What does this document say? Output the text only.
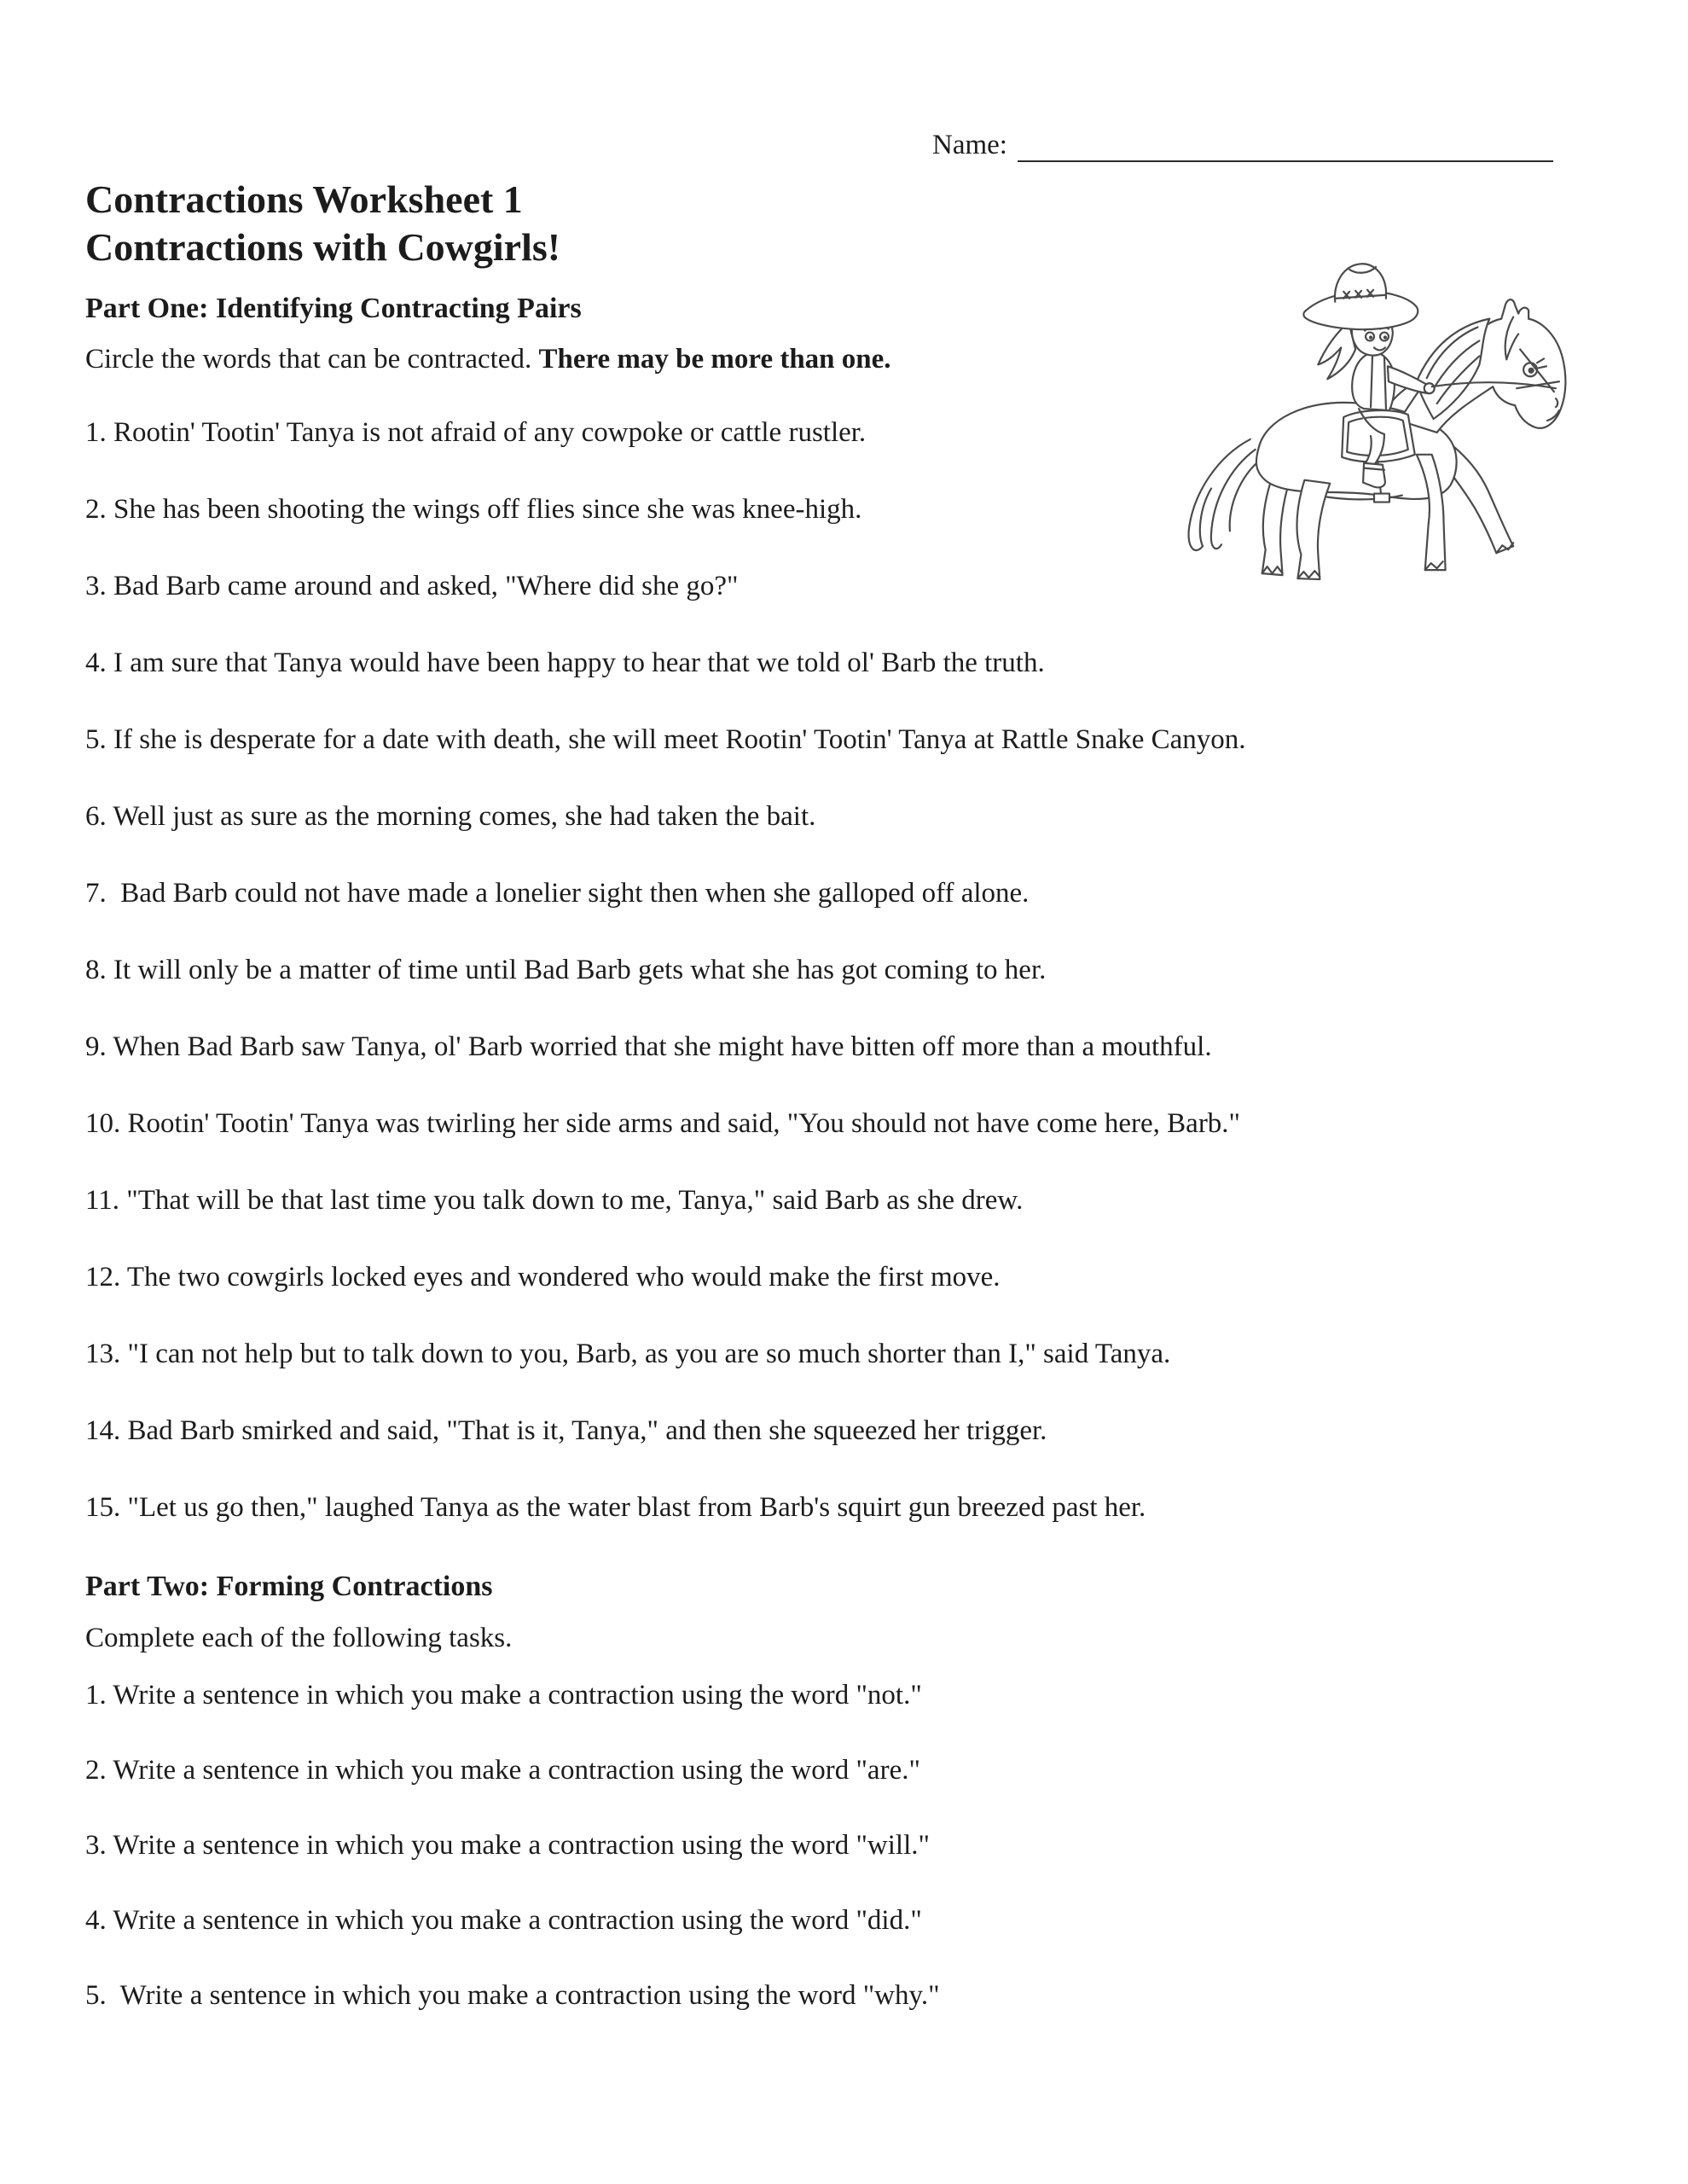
Name:
Contractions Worksheet 1
Contractions with Cowgirls!
Part One: Identifying Contracting Pairs
Circle the words that can be contracted. There may be more than one.

1. Rootin' Tootin' Tanya is not afraid of any cowpoke or cattle rustler.

2. She has been shooting the wings off flies since she was knee-high.

3. Bad Barb came around and asked, "Where did she go?"

4. I am sure that Tanya would have been happy to hear that we told ol' Barb the truth.

5. If she is desperate for a date with death, she will meet Rootin' Tootin' Tanya at Rattle Snake Canyon.

6. Well just as sure as the morning comes, she had taken the bait.

7.  Bad Barb could not have made a lonelier sight then when she galloped off alone.

8. It will only be a matter of time until Bad Barb gets what she has got coming to her.

9. When Bad Barb saw Tanya, ol' Barb worried that she might have bitten off more than a mouthful.

10. Rootin' Tootin' Tanya was twirling her side arms and said, "You should not have come here, Barb."

11. "That will be that last time you talk down to me, Tanya," said Barb as she drew.

12. The two cowgirls locked eyes and wondered who would make the first move.

13. "I can not help but to talk down to you, Barb, as you are so much shorter than I," said Tanya.

14. Bad Barb smirked and said, "That is it, Tanya," and then she squeezed her trigger.

15. "Let us go then," laughed Tanya as the water blast from Barb's squirt gun breezed past her.

Part Two: Forming Contractions
Complete each of the following tasks.

1. Write a sentence in which you make a contraction using the word "not."

2. Write a sentence in which you make a contraction using the word "are."

3. Write a sentence in which you make a contraction using the word "will."

4. Write a sentence in which you make a contraction using the word "did."

5.  Write a sentence in which you make a contraction using the word "why."
